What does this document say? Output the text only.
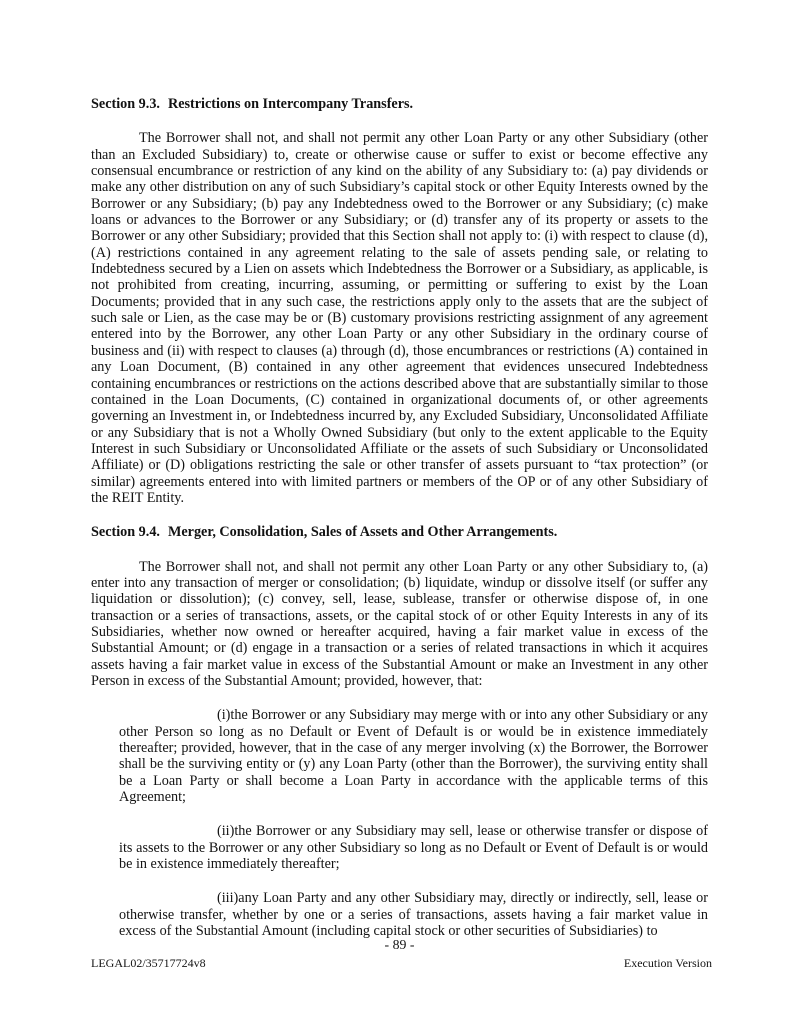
Section 9.3. Restrictions on Intercompany Transfers.

The Borrower shall not, and shall not permit any other Loan Party or any other Subsidiary (other than an Excluded Subsidiary) to, create or otherwise cause or suffer to exist or become effective any consensual encumbrance or restriction of any kind on the ability of any Subsidiary to: (a) pay dividends or make any other distribution on any of such Subsidiary’s capital stock or other Equity Interests owned by the Borrower or any Subsidiary; (b) pay any Indebtedness owed to the Borrower or any Subsidiary; (c) make loans or advances to the Borrower or any Subsidiary; or (d) transfer any of its property or assets to the Borrower or any other Subsidiary; provided that this Section shall not apply to: (i) with respect to clause (d), (A) restrictions contained in any agreement relating to the sale of assets pending sale, or relating to Indebtedness secured by a Lien on assets which Indebtedness the Borrower or a Subsidiary, as applicable, is not prohibited from creating, incurring, assuming, or permitting or suffering to exist by the Loan Documents; provided that in any such case, the restrictions apply only to the assets that are the subject of such sale or Lien, as the case may be or (B) customary provisions restricting assignment of any agreement entered into by the Borrower, any other Loan Party or any other Subsidiary in the ordinary course of business and (ii) with respect to clauses (a) through (d), those encumbrances or restrictions (A) contained in any Loan Document, (B) contained in any other agreement that evidences unsecured Indebtedness containing encumbrances or restrictions on the actions described above that are substantially similar to those contained in the Loan Documents, (C) contained in organizational documents of, or other agreements governing an Investment in, or Indebtedness incurred by, any Excluded Subsidiary, Unconsolidated Affiliate or any Subsidiary that is not a Wholly Owned Subsidiary (but only to the extent applicable to the Equity Interest in such Subsidiary or Unconsolidated Affiliate or the assets of such Subsidiary or Unconsolidated Affiliate) or (D) obligations restricting the sale or other transfer of assets pursuant to “tax protection” (or similar) agreements entered into with limited partners or members of the OP or of any other Subsidiary of the REIT Entity.

Section 9.4. Merger, Consolidation, Sales of Assets and Other Arrangements.

The Borrower shall not, and shall not permit any other Loan Party or any other Subsidiary to, (a) enter into any transaction of merger or consolidation; (b) liquidate, windup or dissolve itself (or suffer any liquidation or dissolution); (c) convey, sell, lease, sublease, transfer or otherwise dispose of, in one transaction or a series of transactions, assets, or the capital stock of or other Equity Interests in any of its Subsidiaries, whether now owned or hereafter acquired, having a fair market value in excess of the Substantial Amount; or (d) engage in a transaction or a series of related transactions in which it acquires assets having a fair market value in excess of the Substantial Amount or make an Investment in any other Person in excess of the Substantial Amount; provided, however, that:

(i)the Borrower or any Subsidiary may merge with or into any other Subsidiary or any other Person so long as no Default or Event of Default is or would be in existence immediately thereafter; provided, however, that in the case of any merger involving (x) the Borrower, the Borrower shall be the surviving entity or (y) any Loan Party (other than the Borrower), the surviving entity shall be a Loan Party or shall become a Loan Party in accordance with the applicable terms of this Agreement;
(ii)the Borrower or any Subsidiary may sell, lease or otherwise transfer or dispose of its assets to the Borrower or any other Subsidiary so long as no Default or Event of Default is or would be in existence immediately thereafter;
(iii)any Loan Party and any other Subsidiary may, directly or indirectly, sell, lease or otherwise transfer, whether by one or a series of transactions, assets having a fair market value in excess of the Substantial Amount (including capital stock or other securities of Subsidiaries) to
- 89 -
LEGAL02/35717724v8	Execution Version
